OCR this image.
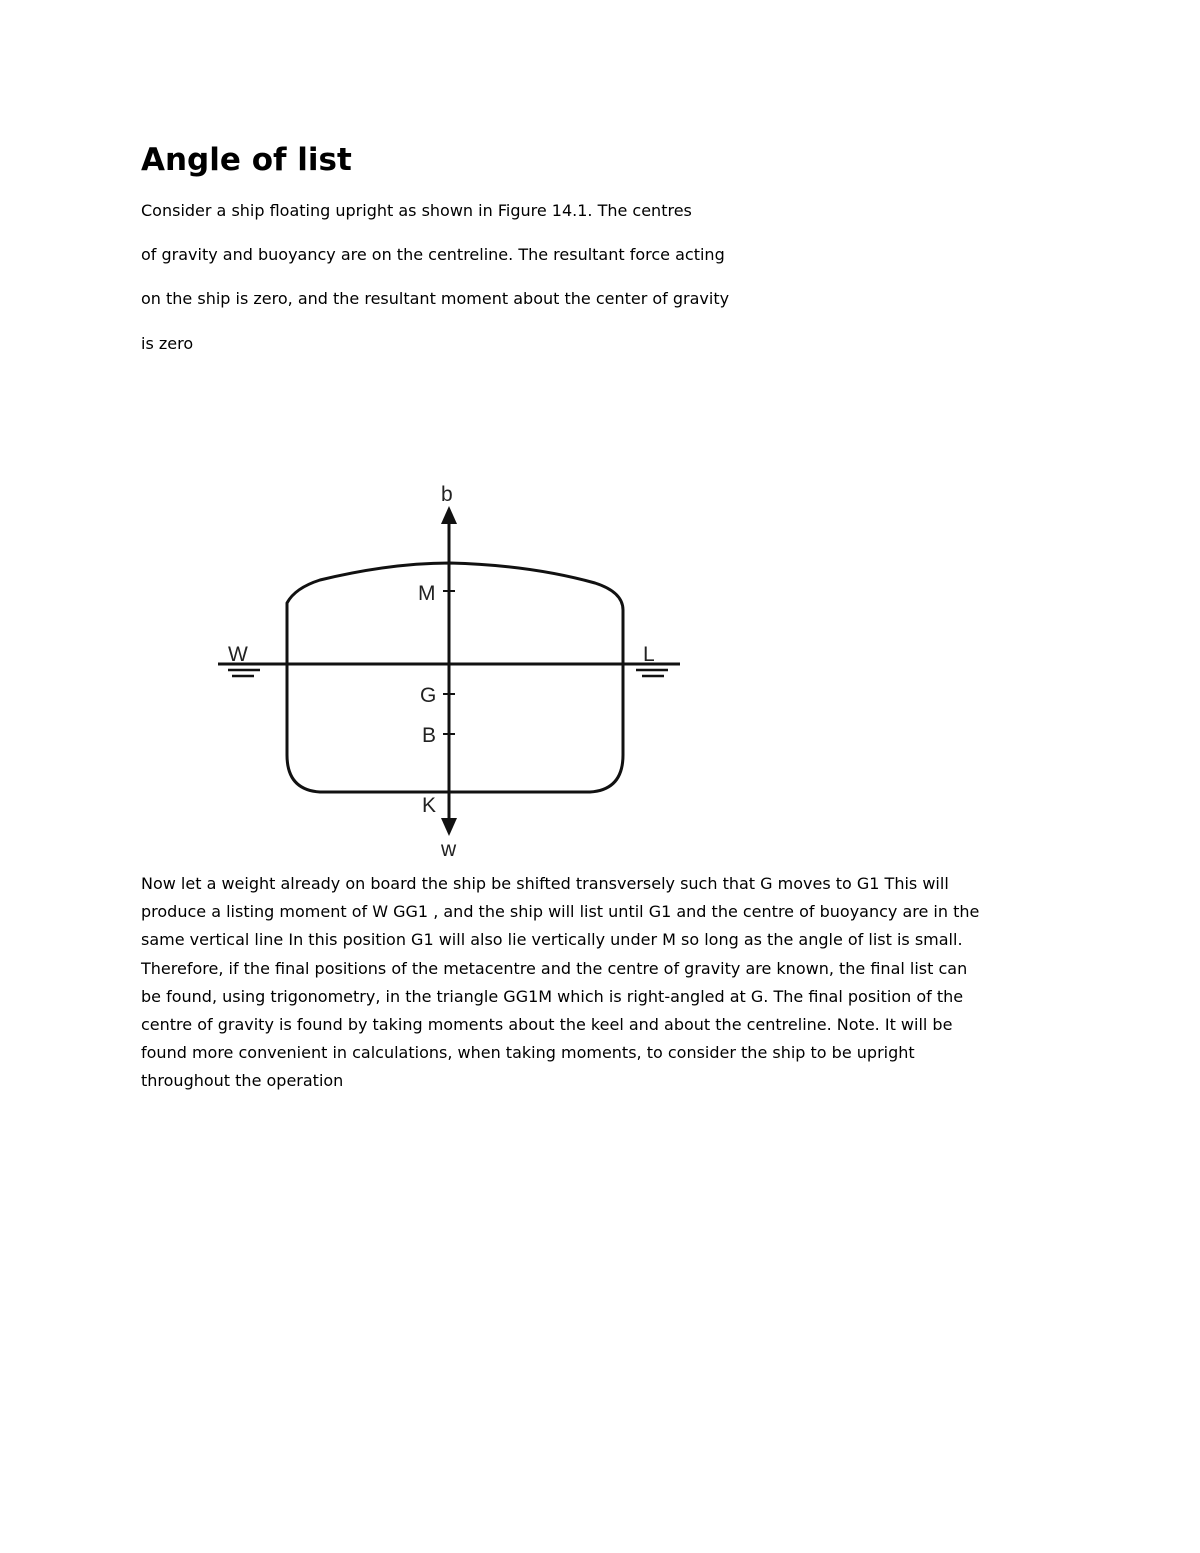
Angle of list

Consider a ship floating upright as shown in Figure 14.1. The centres

of gravity and buoyancy are on the centreline. The resultant force acting

on the ship is zero, and the resultant moment about the center of gravity

is zero

b
M
W	L
G
B
K
w

Now let a weight already on board the ship be shifted transversely such that G moves to G1 This will
produce a listing moment of W GG1 , and the ship will list until G1 and the centre of buoyancy are in the
same vertical line In this position G1 will also lie vertically under M so long as the angle of list is small.
Therefore, if the final positions of the metacentre and the centre of gravity are known, the final list can
be found, using trigonometry, in the triangle GG1M which is right-angled at G. The final position of the
centre of gravity is found by taking moments about the keel and about the centreline. Note. It will be
found more convenient in calculations, when taking moments, to consider the ship to be upright
throughout the operation
